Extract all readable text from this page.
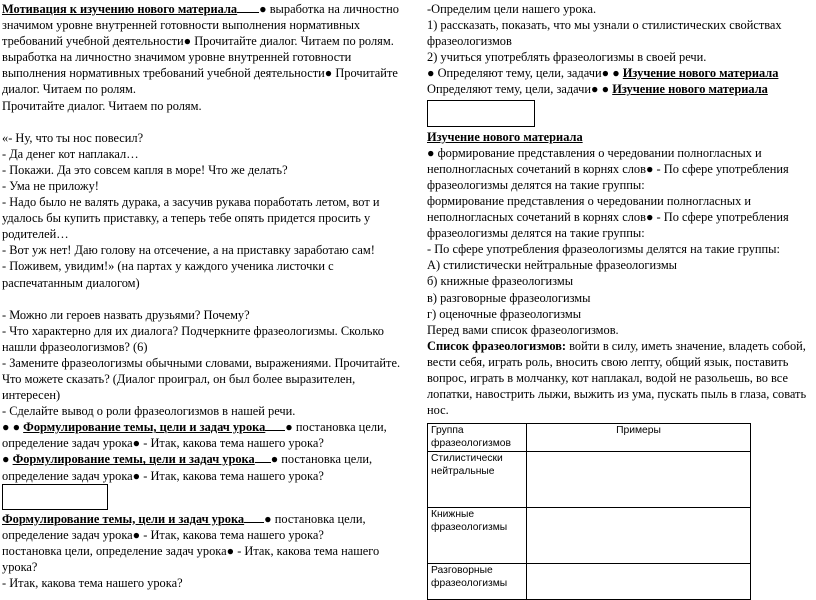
Мотивация к изучению нового материала ● выработка на личностно значимом уровне внутренней готовности выполнения нормативных требований учебной деятельности● Прочитайте диалог. Читаем по ролям.

выработка на личностно значимом уровне внутренней готовности выполнения нормативных требований учебной деятельности● Прочитайте диалог. Читаем по ролям.

Прочитайте диалог. Читаем по ролям.

«- Ну, что ты нос повесил?

- Да денег кот наплакал…

- Покажи. Да это совсем капля в море! Что же делать?

- Ума не приложу!

- Надо было не валять дурака, а засучив рукава поработать летом, вот и удалось бы купить приставку, а теперь тебе опять придется просить у родителей…

- Вот уж нет! Даю голову на отсечение, а на приставку заработаю сам!

- Поживем, увидим!» (на партах у каждого ученика листочки с распечатанным диалогом)

- Можно ли героев назвать друзьями? Почему?

- Что характерно для их диалога? Подчеркните фразеологизмы. Сколько нашли фразеологизмов? (6)

- Замените фразеологизмы обычными словами, выражениями. Прочитайте. Что можете сказать? (Диалог проиграл, он был более выразителен, интересен)

- Сделайте вывод о роли фразеологизмов в нашей речи.

● ● Формулирование темы, цели и задач урока ● постановка цели, определение задач урока● - Итак, какова тема нашего урока?

● Формулирование темы, цели и задач урока ● постановка цели, определение задач урока● - Итак, какова тема нашего урока?

Формулирование темы, цели и задач урока ● постановка цели, определение задач урока● - Итак, какова тема нашего урока?

постановка цели, определение задач урока● - Итак, какова тема нашего урока?

- Итак, какова тема нашего урока?

-Определим цели нашего урока.

1) рассказать, показать, что мы узнали о стилистических свойствах фразеологизмов

2) учиться употреблять фразеологизмы в своей речи.

● Определяют тему, цели, задачи● ● Изучение нового материала

Определяют тему, цели, задачи● ● Изучение нового материала

Изучение нового материала

● формирование представления о чередовании полногласных и неполногласных сочетаний в корнях слов● - По сфере употребления фразеологизмы делятся на такие группы:

формирование представления о чередовании полногласных и неполногласных сочетаний в корнях слов● - По сфере употребления фразеологизмы делятся на такие группы:

- По сфере употребления фразеологизмы делятся на такие группы:

А) стилистически нейтральные фразеологизмы

б) книжные фразеологизмы

в) разговорные фразеологизмы

г) оценочные фразеологизмы

Перед вами список фразеологизмов.

Список фразеологизмов: войти в силу, иметь значение, владеть собой, вести себя, играть роль, вносить свою лепту, общий язык, поставить вопрос, играть в молчанку, кот наплакал, водой не разольешь, во все лопатки, навострить лыжи, выжить из ума, пускать пыль в глаза, совать нос.

Группа фразеологизмов	Примеры
Стилистически нейтральные	
Книжные фразеологизмы	
Разговорные фразеологизмы	
